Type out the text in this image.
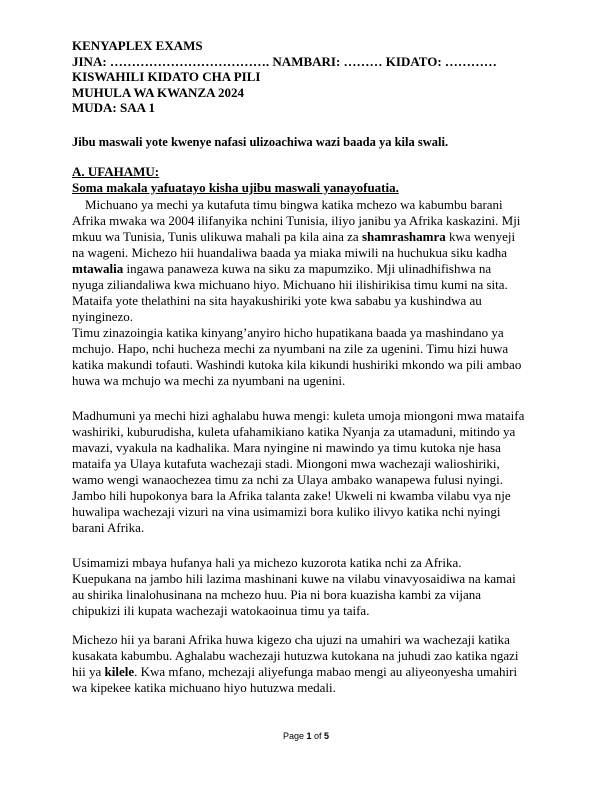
KENYAPLEX EXAMS
JINA: ………………………………. NAMBARI: ……… KIDATO: …………
KISWAHILI KIDATO CHA PILI
MUHULA WA KWANZA 2024
MUDA: SAA 1
Jibu maswali yote kwenye nafasi ulizoachiwa wazi baada ya kila swali.
A. UFAHAMU:
Soma makala yafuatayo kisha ujibu maswali yanayofuatia.
Michuano ya mechi ya kutafuta timu bingwa katika mchezo wa kabumbu barani
Afrika mwaka wa 2004 ilifanyika nchini Tunisia, iliyo janibu ya Afrika kaskazini. Mji
mkuu wa Tunisia, Tunis ulikuwa mahali pa kila aina za shamrashamra kwa wenyeji
na wageni. Michezo hii huandaliwa baada ya miaka miwili na huchukua siku kadha
mtawalia ingawa panaweza kuwa na siku za mapumziko. Mji ulinadhifishwa na
nyuga ziliandaliwa kwa michuano hiyo. Michuano hii ilishirikisa timu kumi na sita.
Mataifa yote thelathini na sita hayakushiriki yote kwa sababu ya kushindwa au
nyinginezo.
Timu zinazoingia katika kinyang’anyiro hicho hupatikana baada ya mashindano ya
mchujo. Hapo, nchi hucheza mechi za nyumbani na zile za ugenini. Timu hizi huwa
katika makundi tofauti. Washindi kutoka kila kikundi hushiriki mkondo wa pili ambao
huwa wa mchujo wa mechi za nyumbani na ugenini.
Madhumuni ya mechi hizi aghalabu huwa mengi: kuleta umoja miongoni mwa mataifa
washiriki, kuburudisha, kuleta ufahamikiano katika Nyanja za utamaduni, mitindo ya
mavazi, vyakula na kadhalika. Mara nyingine ni mawindo ya timu kutoka nje hasa
mataifa ya Ulaya kutafuta wachezaji stadi. Miongoni mwa wachezaji walioshiriki,
wamo wengi wanaochezea timu za nchi za Ulaya ambako wanapewa fulusi nyingi.
Jambo hili hupokonya bara la Afrika talanta zake! Ukweli ni kwamba vilabu vya nje
huwalipa wachezaji vizuri na vina usimamizi bora kuliko ilivyo katika nchi nyingi
barani Afrika.
Usimamizi mbaya hufanya hali ya michezo kuzorota katika nchi za Afrika.
Kuepukana na jambo hili lazima mashinani kuwe na vilabu vinavyosaidiwa na kamai
au shirika linalohusinana na mchezo huu. Pia ni bora kuazisha kambi za vijana
chipukizi ili kupata wachezaji watokaoinua timu ya taifa.
Michezo hii ya barani Afrika huwa kigezo cha ujuzi na umahiri wa wachezaji katika
kusakata kabumbu. Aghalabu wachezaji hutuzwa kutokana na juhudi zao katika ngazi
hii ya kilele. Kwa mfano, mchezaji aliyefunga mabao mengi au aliyeonyesha umahiri
wa kipekee katika michuano hiyo hutuzwa medali.
Page 1 of 5
